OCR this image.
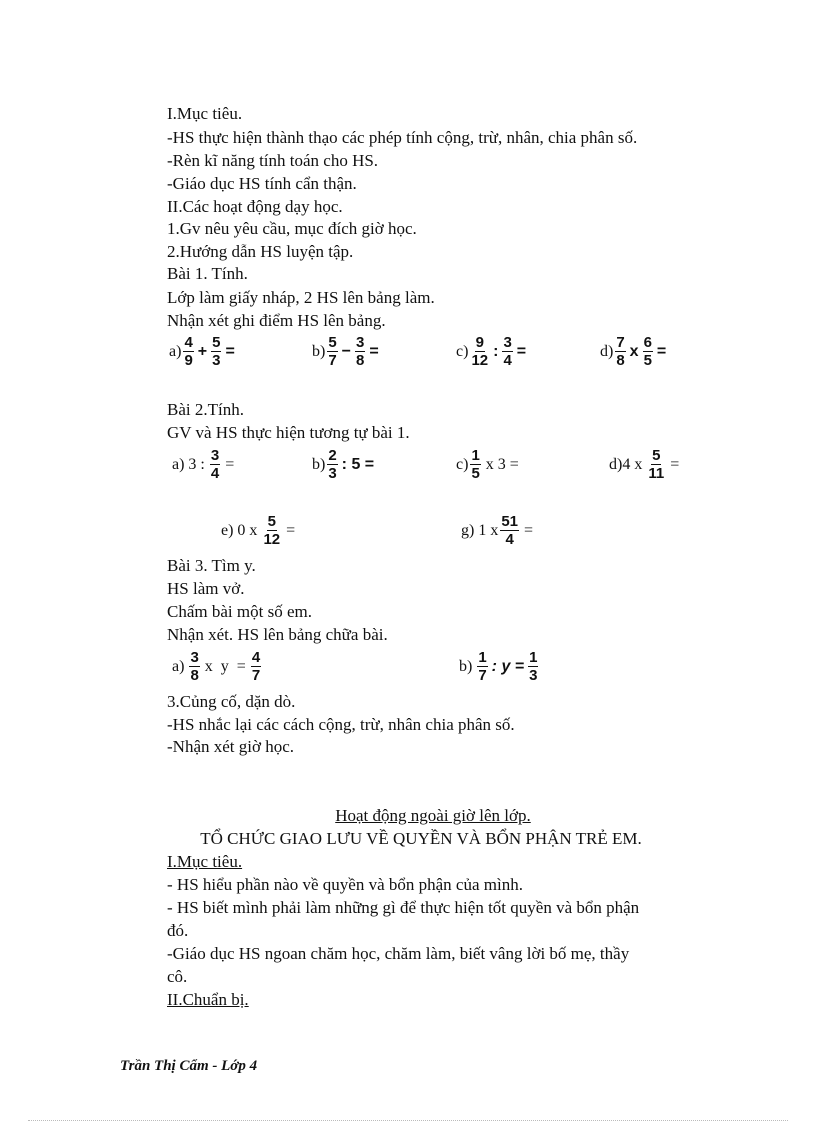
I.Mục tiêu.
-HS thực hiện thành thạo các phép tính cộng, trừ, nhân, chia phân số.
-Rèn kĩ năng tính toán cho HS.
-Giáo dục HS tính cẩn thận.
II.Các hoạt động dạy học.
1.Gv nêu yêu cầu, mục đích giờ học.
2.Hướng dẫn HS luyện tập.
Bài 1. Tính.
Lớp làm giấy nháp, 2 HS lên bảng làm.
Nhận xét ghi điểm HS lên bảng.
a) 4
9
+ $\frac{5}{3}$ =	b) 5
7
− $\frac{3}{8}$ =	c) 9
12
: $\frac{3}{4}$ =	d) 7
8
x $\frac{6}{5}$ =
Bài 2.Tính.
GV và HS thực hiện tương tự bài 1.
a) 3 : $\frac{3}{4}$ =	b) 2
3
: 5 =	c) 1
5
x 3 =	d)4 x $\frac{5}{11}$ =
e) 0 x $\frac{5}{12}$ =	g) 1 x $\frac{51}{4}$ =
Bài 3. Tìm y.
HS làm vở.
Chấm bài một số em.
Nhận xét. HS lên bảng chữa bài.
a) 3
8
x  $y = \frac{4}{7}$	b) 1
7
: $y = \frac{1}{3}$
3.Củng cố, dặn dò.
-HS nhắc lại các cách cộng, trừ, nhân chia phân số.
-Nhận xét giờ học.
Hoạt động ngoài giờ lên lớp.
TỔ CHỨC GIAO LƯU VỀ QUYỀN VÀ BỔN PHẬN TRẺ EM.
I.Mục tiêu.
- HS hiểu phần nào về quyền và bổn phận của mình.
- HS biết mình phải làm những gì để thực hiện tốt quyền và bổn phận
đó.
-Giáo dục HS ngoan chăm học, chăm làm, biết vâng lời bố mẹ, thầy
cô.
II.Chuẩn bị.
Trần Thị Cẩm - Lớp 4
